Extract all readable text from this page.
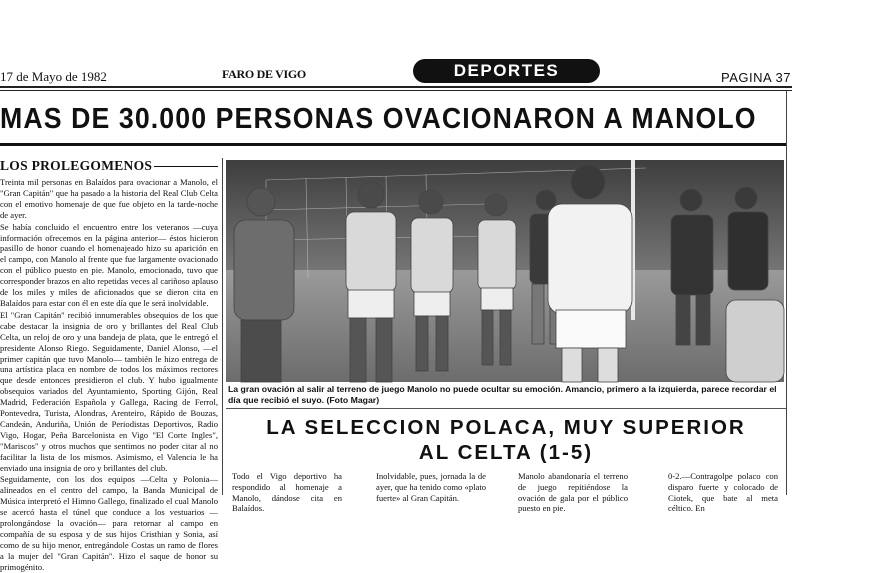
17 de Mayo de 1982	FARO DE VIGO	DEPORTES	PAGINA 37
MAS DE 30.000 PERSONAS OVACIONARON A MANOLO
LOS PROLEGOMENOS

Treinta mil personas en Balaídos para ovacionar a Manolo, el "Gran Capitán" que ha pasado a la historia del Real Club Celta con el emotivo homenaje de que fue objeto en la tarde-noche de ayer.

Se había concluido el encuentro entre los veteranos —cuya información ofrecemos en la página anterior— éstos hicieron pasillo de honor cuando el homenajeado hizo su aparición en el campo, con Manolo al frente que fue largamente ovacionado con el público puesto en pie. Manolo, emocionado, tuvo que corresponder brazos en alto repetidas veces al cariñoso aplauso de los miles y miles de aficionados que se dieron cita en Balaídos para estar con él en este día que le será inolvidable.

El "Gran Capitán" recibió innumerables obsequios de los que cabe destacar la insignia de oro y brillantes del Real Club Celta, un reloj de oro y una bandeja de plata, que le entregó el presidente Alonso Riego. Seguidamente, Daniel Alonso, —el primer capitán que tuvo Manolo— también le hizo entrega de una artística placa en nombre de todos los máximos rectores que desde entonces presidieron el club. Y hubo igualmente obsequios variados del Ayuntamiento, Sporting Gijón, Real Madrid, Federación Española y Gallega, Racing de Ferrol, Pontevedra, Turista, Alondras, Arenteiro, Rápido de Bouzas, Candeán, Anduriña, Unión de Periodistas Deportivos, Radio Vigo, Hogar, Peña Barcelonista en Vigo "El Corte Ingles", "Mariscos" y otros muchos que sentimos no poder citar al no facilitar la lista de los mismos. Asimismo, el Valencia le ha enviado una insignia de oro y brillantes del club.

Seguidamente, con los dos equipos —Celta y Polonia— alineados en el centro del campo, la Banda Municipal de Música interpretó el Himno Gallego, finalizado el cual Manolo se acercó hasta el túnel que conduce a los vestuarios —prolongándose la ovación— para retornar al campo en compañía de su esposa y de sus hijos Cristhian y Sonia, así como de su hijo menor, entregándole Costas un ramo de flores a la mujer del "Gran Capitán". Hizo el saque de honor su primogénito.

La gran ovación al salir al terreno de juego Manolo no puede ocultar su emoción. Amancio, primero a la izquierda, parece recordar el día que recibió el suyo. (Foto Magar)
LA SELECCION POLACA, MUY SUPERIOR
AL CELTA (1-5)
Todo el Vigo deportivo ha respondido al homenaje a Manolo, dándose cita en Balaídos.
Inolvidable, pues, jornada la de ayer, que ha tenido como «plato fuerte» al Gran Capitán.
Manolo abandonaría el terreno de juego repitiéndose la ovación de gala por el público puesto en pie.
0-2.—Contragolpe polaco con disparo fuerte y colocado de Ciotek, que bate al meta céltico. En
